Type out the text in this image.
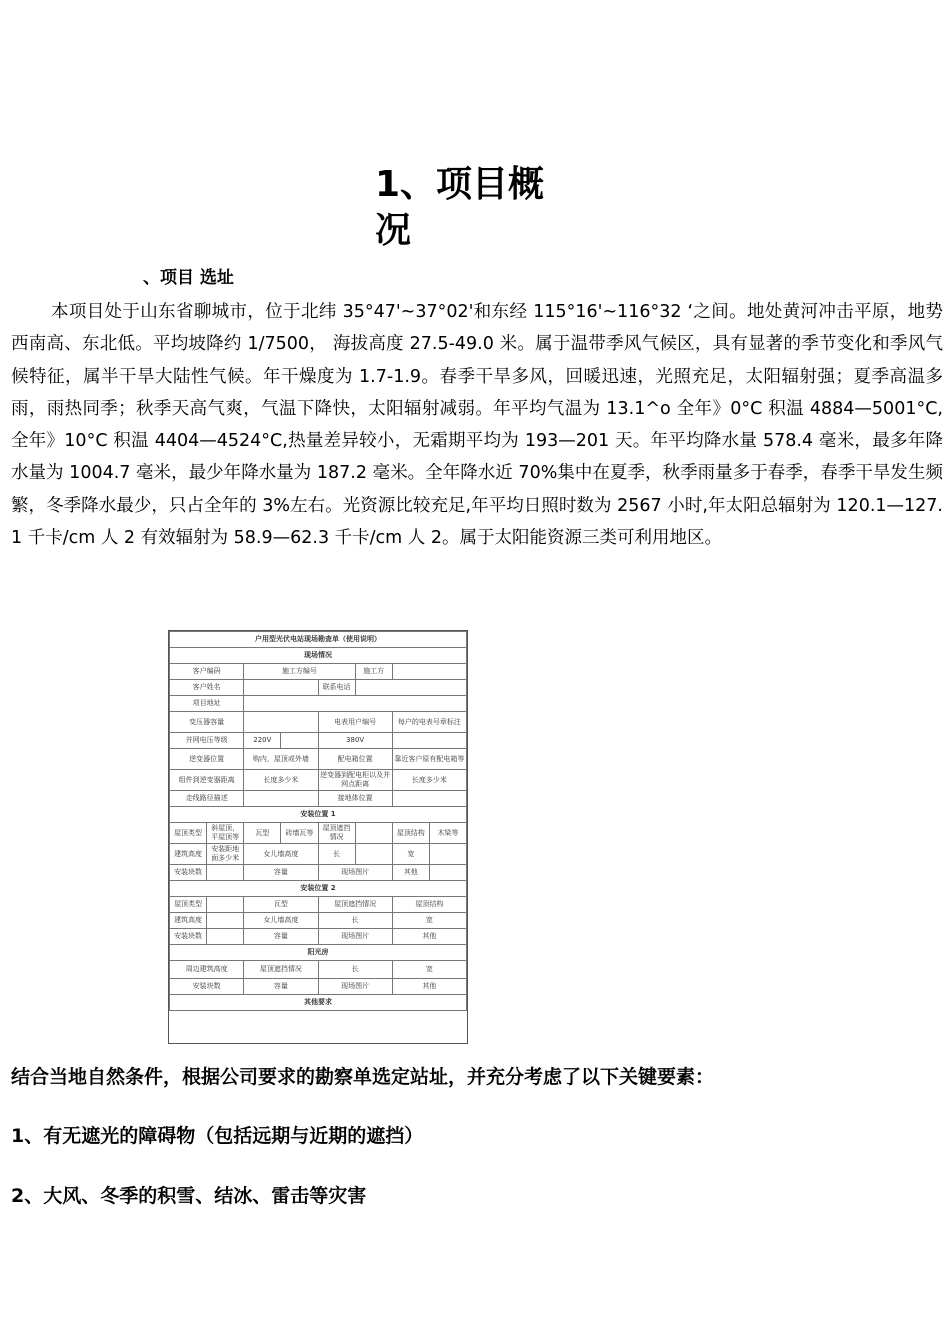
1、项目概况
、项目 选址
本项目处于山东省聊城市，位于北纬 35°47'~37°02'和东经 115°16'~116°32 ‘之间。地处黄河冲击平原，地势西南高、东北低。平均坡降约 1/7500， 海拔高度 27.5-49.0 米。属于温带季风气候区，具有显著的季节变化和季风气候特征，属半干旱大陆性气候。年干燥度为 1.7-1.9。春季干旱多风，回暖迅速，光照充足，太阳辐射强；夏季高温多雨，雨热同季；秋季天高气爽，气温下降快，太阳辐射减弱。年平均气温为 13.1^o 全年》0°C 积温 4884—5001°C,全年》10°C 积温 4404—4524°C,热量差异较小，无霜期平均为 193—201 天。年平均降水量 578.4 毫米，最多年降水量为 1004.7 毫米，最少年降水量为 187.2 毫米。全年降水近 70%集中在夏季，秋季雨量多于春季，春季干旱发生频繁，冬季降水最少，只占全年的 3%左右。光资源比较充足,年平均日照时数为 2567 小时,年太阳总辐射为 120.1—127.1 千卡/cm 人 2 有效辐射为 58.9—62.3 千卡/cm 人 2。属于太阳能资源三类可利用地区。
户用型光伏电站现场勘查单（使用说明）							
现场情况							
客户编码		施工方编号			施工方		
客户姓名				联系电话			
项目地址							
变压器容量				电表用户编号		每户的电表号章标注	
并网电压等级		220V		380V			
逆变器位置		购内，屋顶或外墙		配电箱位置		靠近客户原有配电箱等	
组件到逆变器距离		长度多少米		逆变器到配电柜以及并网点距离		长度多少米	
走线路径描述				接地体位置			
安装位置 1							
屋顶类型	斜屋顶，平屋顶等	瓦型	砖墙瓦等	屋顶遮挡情况		屋顶结构	木梁等
建筑高度	安装距地面多少米	女儿墙高度		长		宽	
安装块数		容量		现场图片		其他	
安装位置 2							
屋顶类型		瓦型		屋顶遮挡情况		屋顶结构	
建筑高度		女儿墙高度		长		宽	
安装块数		容量		现场图片		其他	
阳光房							
周边建筑高度		屋顶遮挡情况		长		宽	
安装块数		容量		现场图片		其他	
其他要求							
结合当地自然条件，根据公司要求的勘察单选定站址，并充分考虑了以下关键要素：
1、有无遮光的障碍物（包括远期与近期的遮挡）
2、大风、冬季的积雪、结冰、雷击等灾害
